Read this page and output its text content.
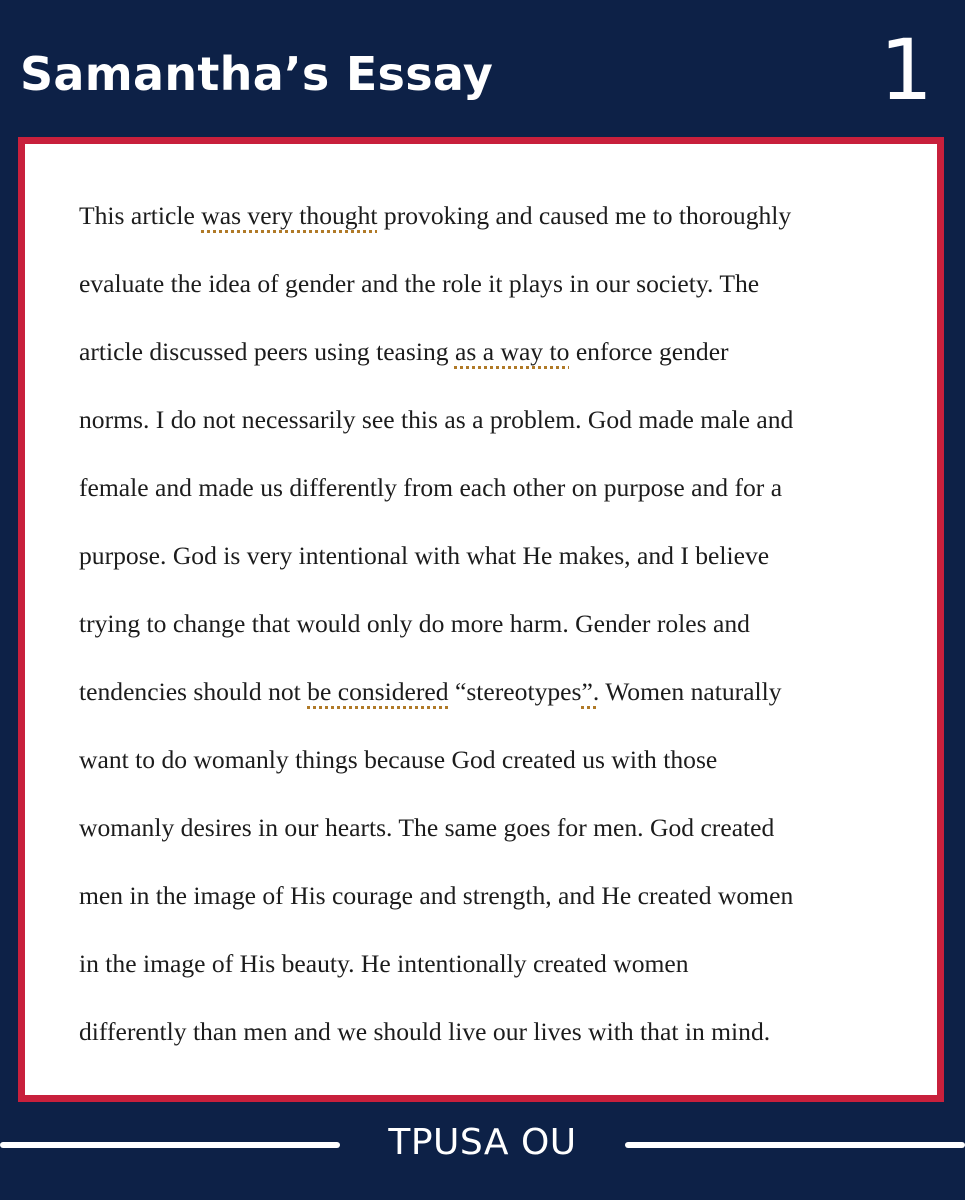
Samantha’s Essay	1
This article was very thought provoking and caused me to thoroughly
evaluate the idea of gender and the role it plays in our society. The
article discussed peers using teasing as a way to enforce gender
norms. I do not necessarily see this as a problem. God made male and
female and made us differently from each other on purpose and for a
purpose. God is very intentional with what He makes, and I believe
trying to change that would only do more harm. Gender roles and
tendencies should not be considered “stereotypes”. Women naturally
want to do womanly things because God created us with those
womanly desires in our hearts. The same goes for men. God created
men in the image of His courage and strength, and He created women
in the image of His beauty. He intentionally created women
differently than men and we should live our lives with that in mind.
TPUSA OU
